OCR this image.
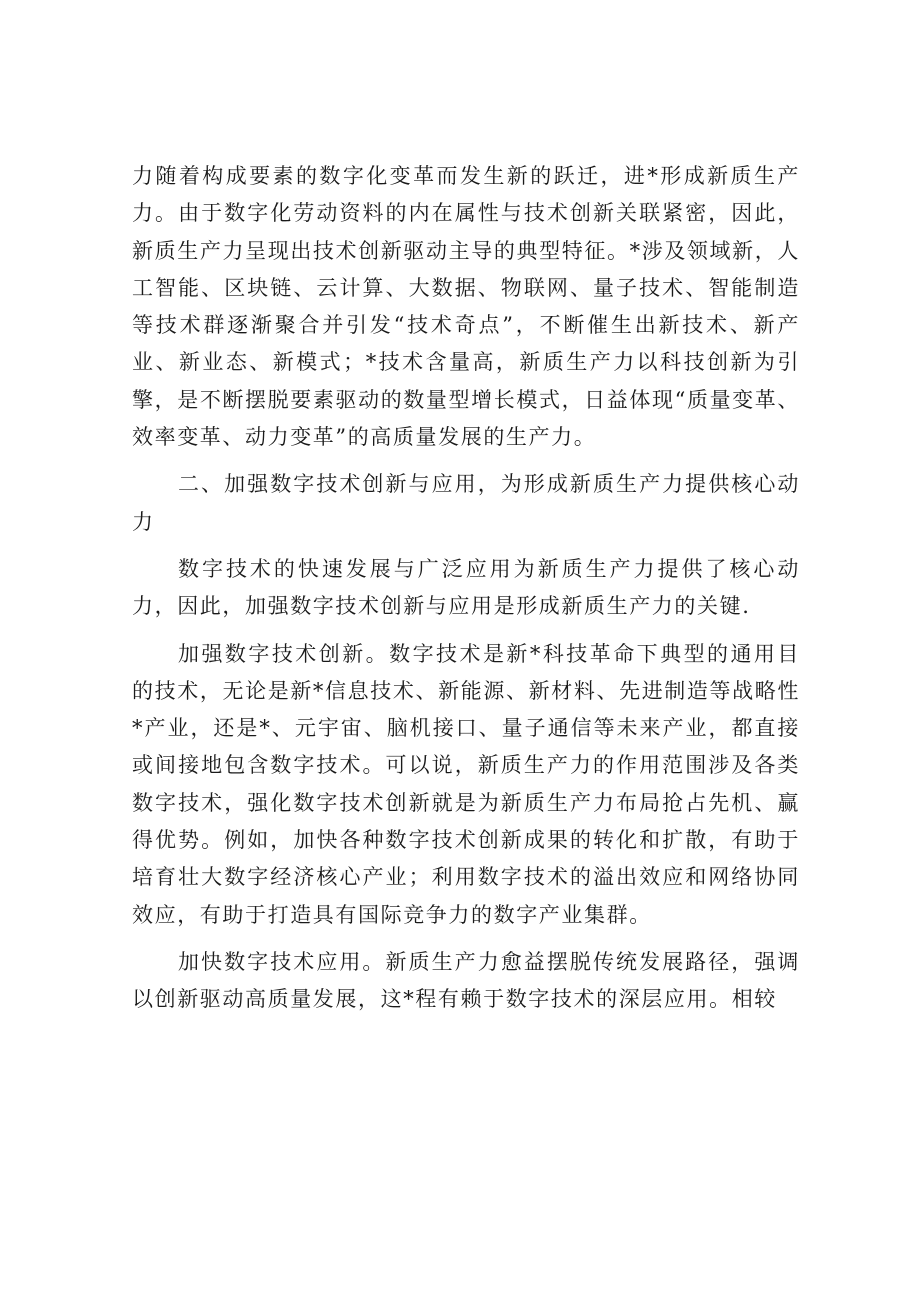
力随着构成要素的数字化变革而发生新的跃迁，进*形成新质生产力。由于数字化劳动资料的内在属性与技术创新关联紧密，因此，新质生产力呈现出技术创新驱动主导的典型特征。*涉及领域新，人工智能、区块链、云计算、大数据、物联网、量子技术、智能制造等技术群逐渐聚合并引发“技术奇点”，不断催生出新技术、新产业、新业态、新模式；*技术含量高，新质生产力以科技创新为引擎，是不断摆脱要素驱动的数量型增长模式，日益体现“质量变革、效率变革、动力变革”的高质量发展的生产力。

二、加强数字技术创新与应用，为形成新质生产力提供核心动力

数字技术的快速发展与广泛应用为新质生产力提供了核心动力，因此，加强数字技术创新与应用是形成新质生产力的关键.

加强数字技术创新。数字技术是新*科技革命下典型的通用目的技术，无论是新*信息技术、新能源、新材料、先进制造等战略性*产业，还是*、元宇宙、脑机接口、量子通信等未来产业，都直接或间接地包含数字技术。可以说，新质生产力的作用范围涉及各类数字技术，强化数字技术创新就是为新质生产力布局抢占先机、赢得优势。例如，加快各种数字技术创新成果的转化和扩散，有助于培育壮大数字经济核心产业；利用数字技术的溢出效应和网络协同效应，有助于打造具有国际竞争力的数字产业集群。

加快数字技术应用。新质生产力愈益摆脱传统发展路径，强调以创新驱动高质量发展，这*程有赖于数字技术的深层应用。相较
